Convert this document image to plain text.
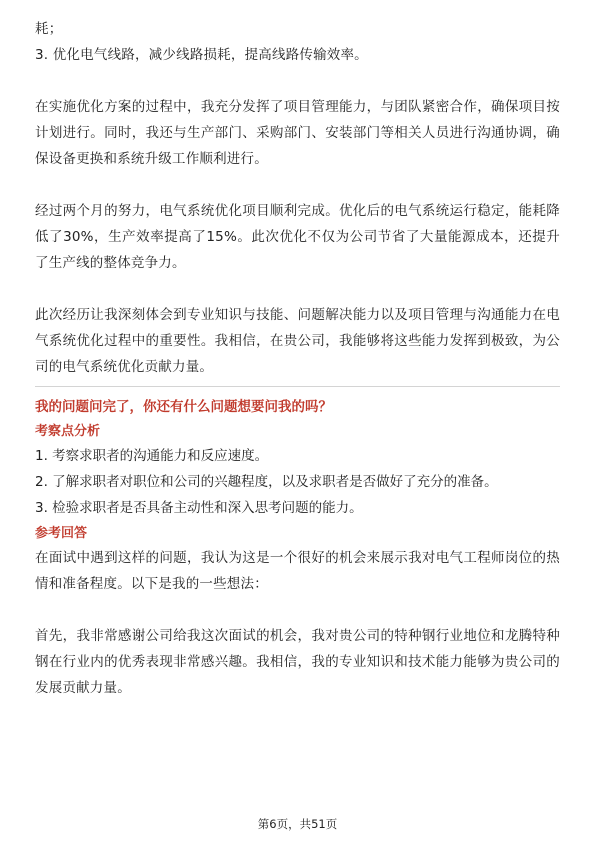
耗；

3. 优化电气线路，减少线路损耗，提高线路传输效率。

在实施优化方案的过程中，我充分发挥了项目管理能力，与团队紧密合作，确保项目按计划进行。同时，我还与生产部门、采购部门、安装部门等相关人员进行沟通协调，确保设备更换和系统升级工作顺利进行。

经过两个月的努力，电气系统优化项目顺利完成。优化后的电气系统运行稳定，能耗降低了30%，生产效率提高了15%。此次优化不仅为公司节省了大量能源成本，还提升了生产线的整体竞争力。

此次经历让我深刻体会到专业知识与技能、问题解决能力以及项目管理与沟通能力在电气系统优化过程中的重要性。我相信，在贵公司，我能够将这些能力发挥到极致，为公司的电气系统优化贡献力量。

我的问题问完了，你还有什么问题想要问我的吗？

考察点分析

1. 考察求职者的沟通能力和反应速度。

2. 了解求职者对职位和公司的兴趣程度，以及求职者是否做好了充分的准备。

3. 检验求职者是否具备主动性和深入思考问题的能力。

参考回答

在面试中遇到这样的问题，我认为这是一个很好的机会来展示我对电气工程师岗位的热情和准备程度。以下是我的一些想法：

首先，我非常感谢公司给我这次面试的机会，我对贵公司的特种钢行业地位和龙腾特种钢在行业内的优秀表现非常感兴趣。我相信，我的专业知识和技术能力能够为贵公司的发展贡献力量。

第6页，共51页
